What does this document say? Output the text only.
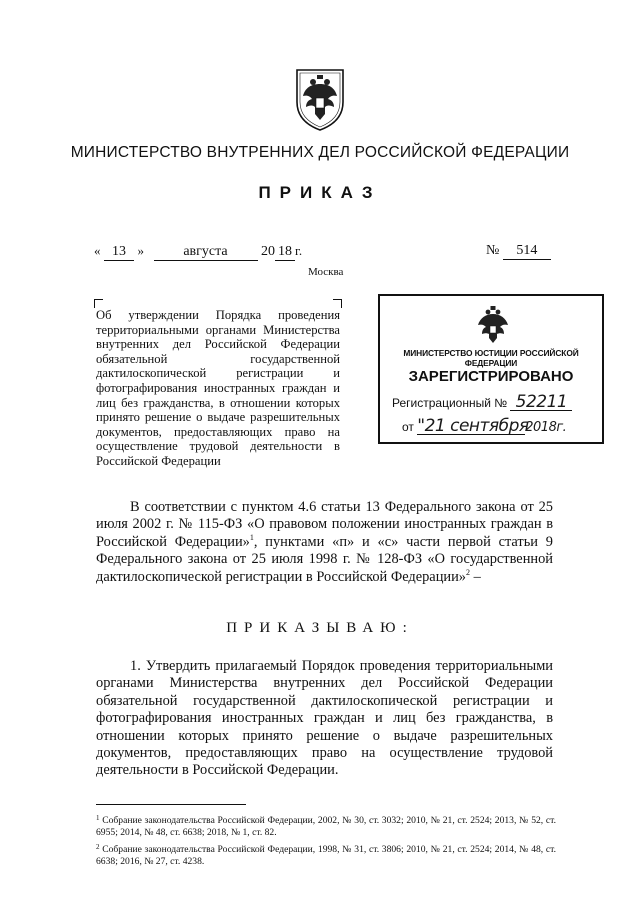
МИНИСТЕРСТВО ВНУТРЕННИХ ДЕЛ РОССИЙСКОЙ ФЕДЕРАЦИИ
ПРИКАЗ
« 13 »	августа 20 18 г.	№ 514
Москва
Об утверждении Порядка проведения территориальными органами Министерства внутренних дел Российской Федерации обязательной государственной дактилоскопической регистрации и фотографирования иностранных граждан и лиц без гражданства, в отношении которых принято решение о выдаче разрешительных документов, предоставляющих право на осуществление трудовой деятельности в Российской Федерации
МИНИСТЕРСТВО ЮСТИЦИИ РОССИЙСКОЙ ФЕДЕРАЦИИ
ЗАРЕГИСТРИРОВАНО
Регистрационный № 52211
от "21 сентября2018г.
В соответствии с пунктом 4.6 статьи 13 Федерального закона от 25 июля 2002 г. № 115-ФЗ «О правовом положении иностранных граждан в Российской Федерации»$^1$, пунктами «п» и «с» части первой статьи 9 Федерального закона от 25 июля 1998 г. № 128-ФЗ «О государственной дактилоскопической регистрации в Российской Федерации»$^2$ –
ПРИКАЗЫВАЮ:
1. Утвердить прилагаемый Порядок проведения территориальными органами Министерства внутренних дел Российской Федерации обязательной государственной дактилоскопической регистрации и фотографирования иностранных граждан и лиц без гражданства, в отношении которых принято решение о выдаче разрешительных документов, предоставляющих право на осуществление трудовой деятельности в Российской Федерации.

$^1$ Собрание законодательства Российской Федерации, 2002, № 30, ст. 3032; 2010, № 21, ст. 2524; 2013, № 52, ст. 6955; 2014, № 48, ст. 6638; 2018, № 1, ст. 82.

$^2$ Собрание законодательства Российской Федерации, 1998, № 31, ст. 3806; 2010, № 21, ст. 2524; 2014, № 48, ст. 6638; 2016, № 27, ст. 4238.
